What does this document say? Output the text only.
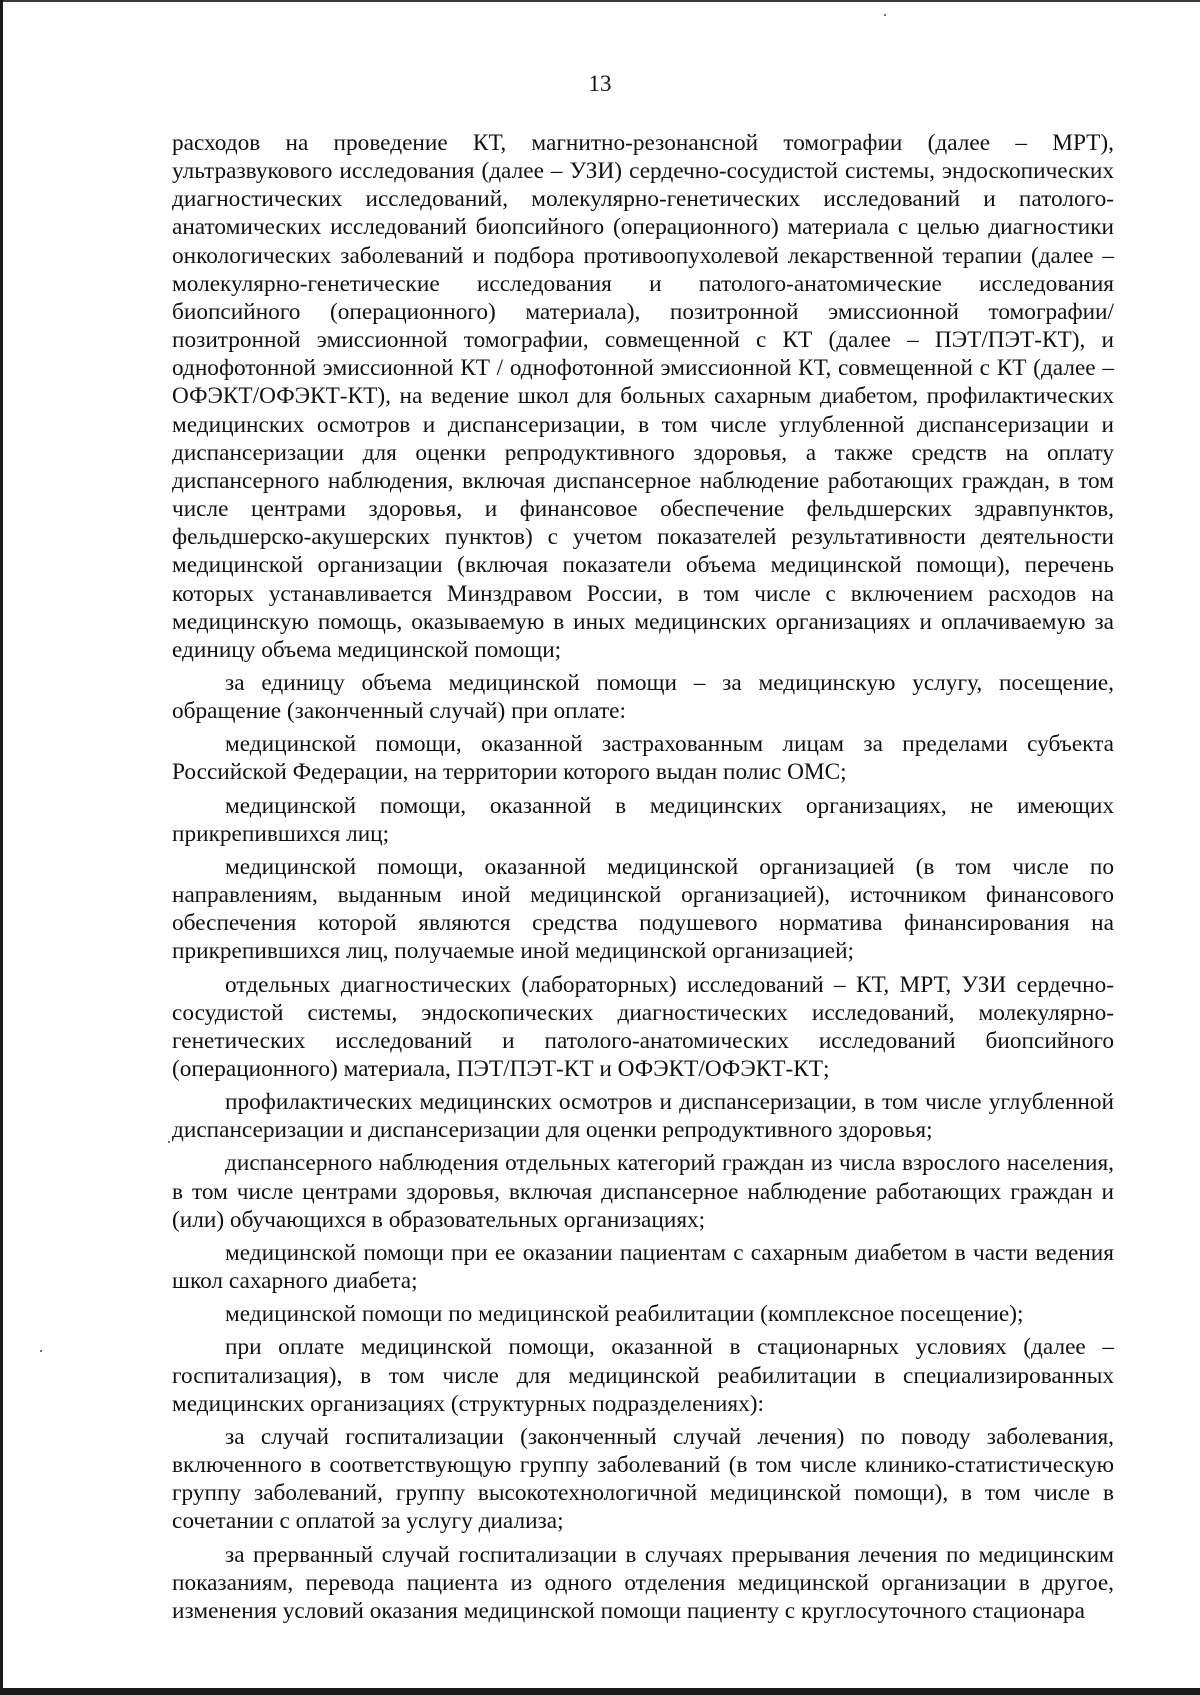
13

расходов на проведение КТ, магнитно-резонансной томографии (далее – МРТ), ультразвукового исследования (далее – УЗИ) сердечно-сосудистой системы, эндоскопических диагностических исследований, молекулярно-генетических исследований и патолого-анатомических исследований биопсийного (операционного) материала с целью диагностики онкологических заболеваний и подбора противоопухолевой лекарственной терапии (далее – молекулярно-генетические исследования и патолого-анатомические исследования биопсийного (операционного) материала), позитронной эмиссионной томографии/позитронной эмиссионной томографии, совмещенной с КТ (далее – ПЭТ/ПЭТ-КТ), и однофотонной эмиссионной КТ / однофотонной эмиссионной КТ, совмещенной с КТ (далее – ОФЭКТ/ОФЭКТ-КТ), на ведение школ для больных сахарным диабетом, профилактических медицинских осмотров и диспансеризации, в том числе углубленной диспансеризации и диспансеризации для оценки репродуктивного здоровья, а также средств на оплату диспансерного наблюдения, включая диспансерное наблюдение работающих граждан, в том числе центрами здоровья, и финансовое обеспечение фельдшерских здравпунктов, фельдшерско-акушерских пунктов) с учетом показателей результативности деятельности медицинской организации (включая показатели объема медицинской помощи), перечень которых устанавливается Минздравом России, в том числе с включением расходов на медицинскую помощь, оказываемую в иных медицинских организациях и оплачиваемую за единицу объема медицинской помощи;

за единицу объема медицинской помощи – за медицинскую услугу, посещение, обращение (законченный случай) при оплате:

медицинской помощи, оказанной застрахованным лицам за пределами субъекта Российской Федерации, на территории которого выдан полис ОМС;

медицинской помощи, оказанной в медицинских организациях, не имеющих прикрепившихся лиц;

медицинской помощи, оказанной медицинской организацией (в том числе по направлениям, выданным иной медицинской организацией), источником финансового обеспечения которой являются средства подушевого норматива финансирования на прикрепившихся лиц, получаемые иной медицинской организацией;

отдельных диагностических (лабораторных) исследований – КТ, МРТ, УЗИ сердечно-сосудистой системы, эндоскопических диагностических исследований, молекулярно-генетических исследований и патолого-анатомических исследований биопсийного (операционного) материала, ПЭТ/ПЭТ-КТ и ОФЭКТ/ОФЭКТ-КТ;

профилактических медицинских осмотров и диспансеризации, в том числе углубленной диспансеризации и диспансеризации для оценки репродуктивного здоровья;

диспансерного наблюдения отдельных категорий граждан из числа взрослого населения, в том числе центрами здоровья, включая диспансерное наблюдение работающих граждан и (или) обучающихся в образовательных организациях;

медицинской помощи при ее оказании пациентам с сахарным диабетом в части ведения школ сахарного диабета;

медицинской помощи по медицинской реабилитации (комплексное посещение);

при оплате медицинской помощи, оказанной в стационарных условиях (далее – госпитализация), в том числе для медицинской реабилитации в специализированных медицинских организациях (структурных подразделениях):

за случай госпитализации (законченный случай лечения) по поводу заболевания, включенного в соответствующую группу заболеваний (в том числе клинико-статистическую группу заболеваний, группу высокотехнологичной медицинской помощи), в том числе в сочетании с оплатой за услугу диализа;

за прерванный случай госпитализации в случаях прерывания лечения по медицинским показаниям, перевода пациента из одного отделения медицинской организации в другое, изменения условий оказания медицинской помощи пациенту с круглосуточного стационара
